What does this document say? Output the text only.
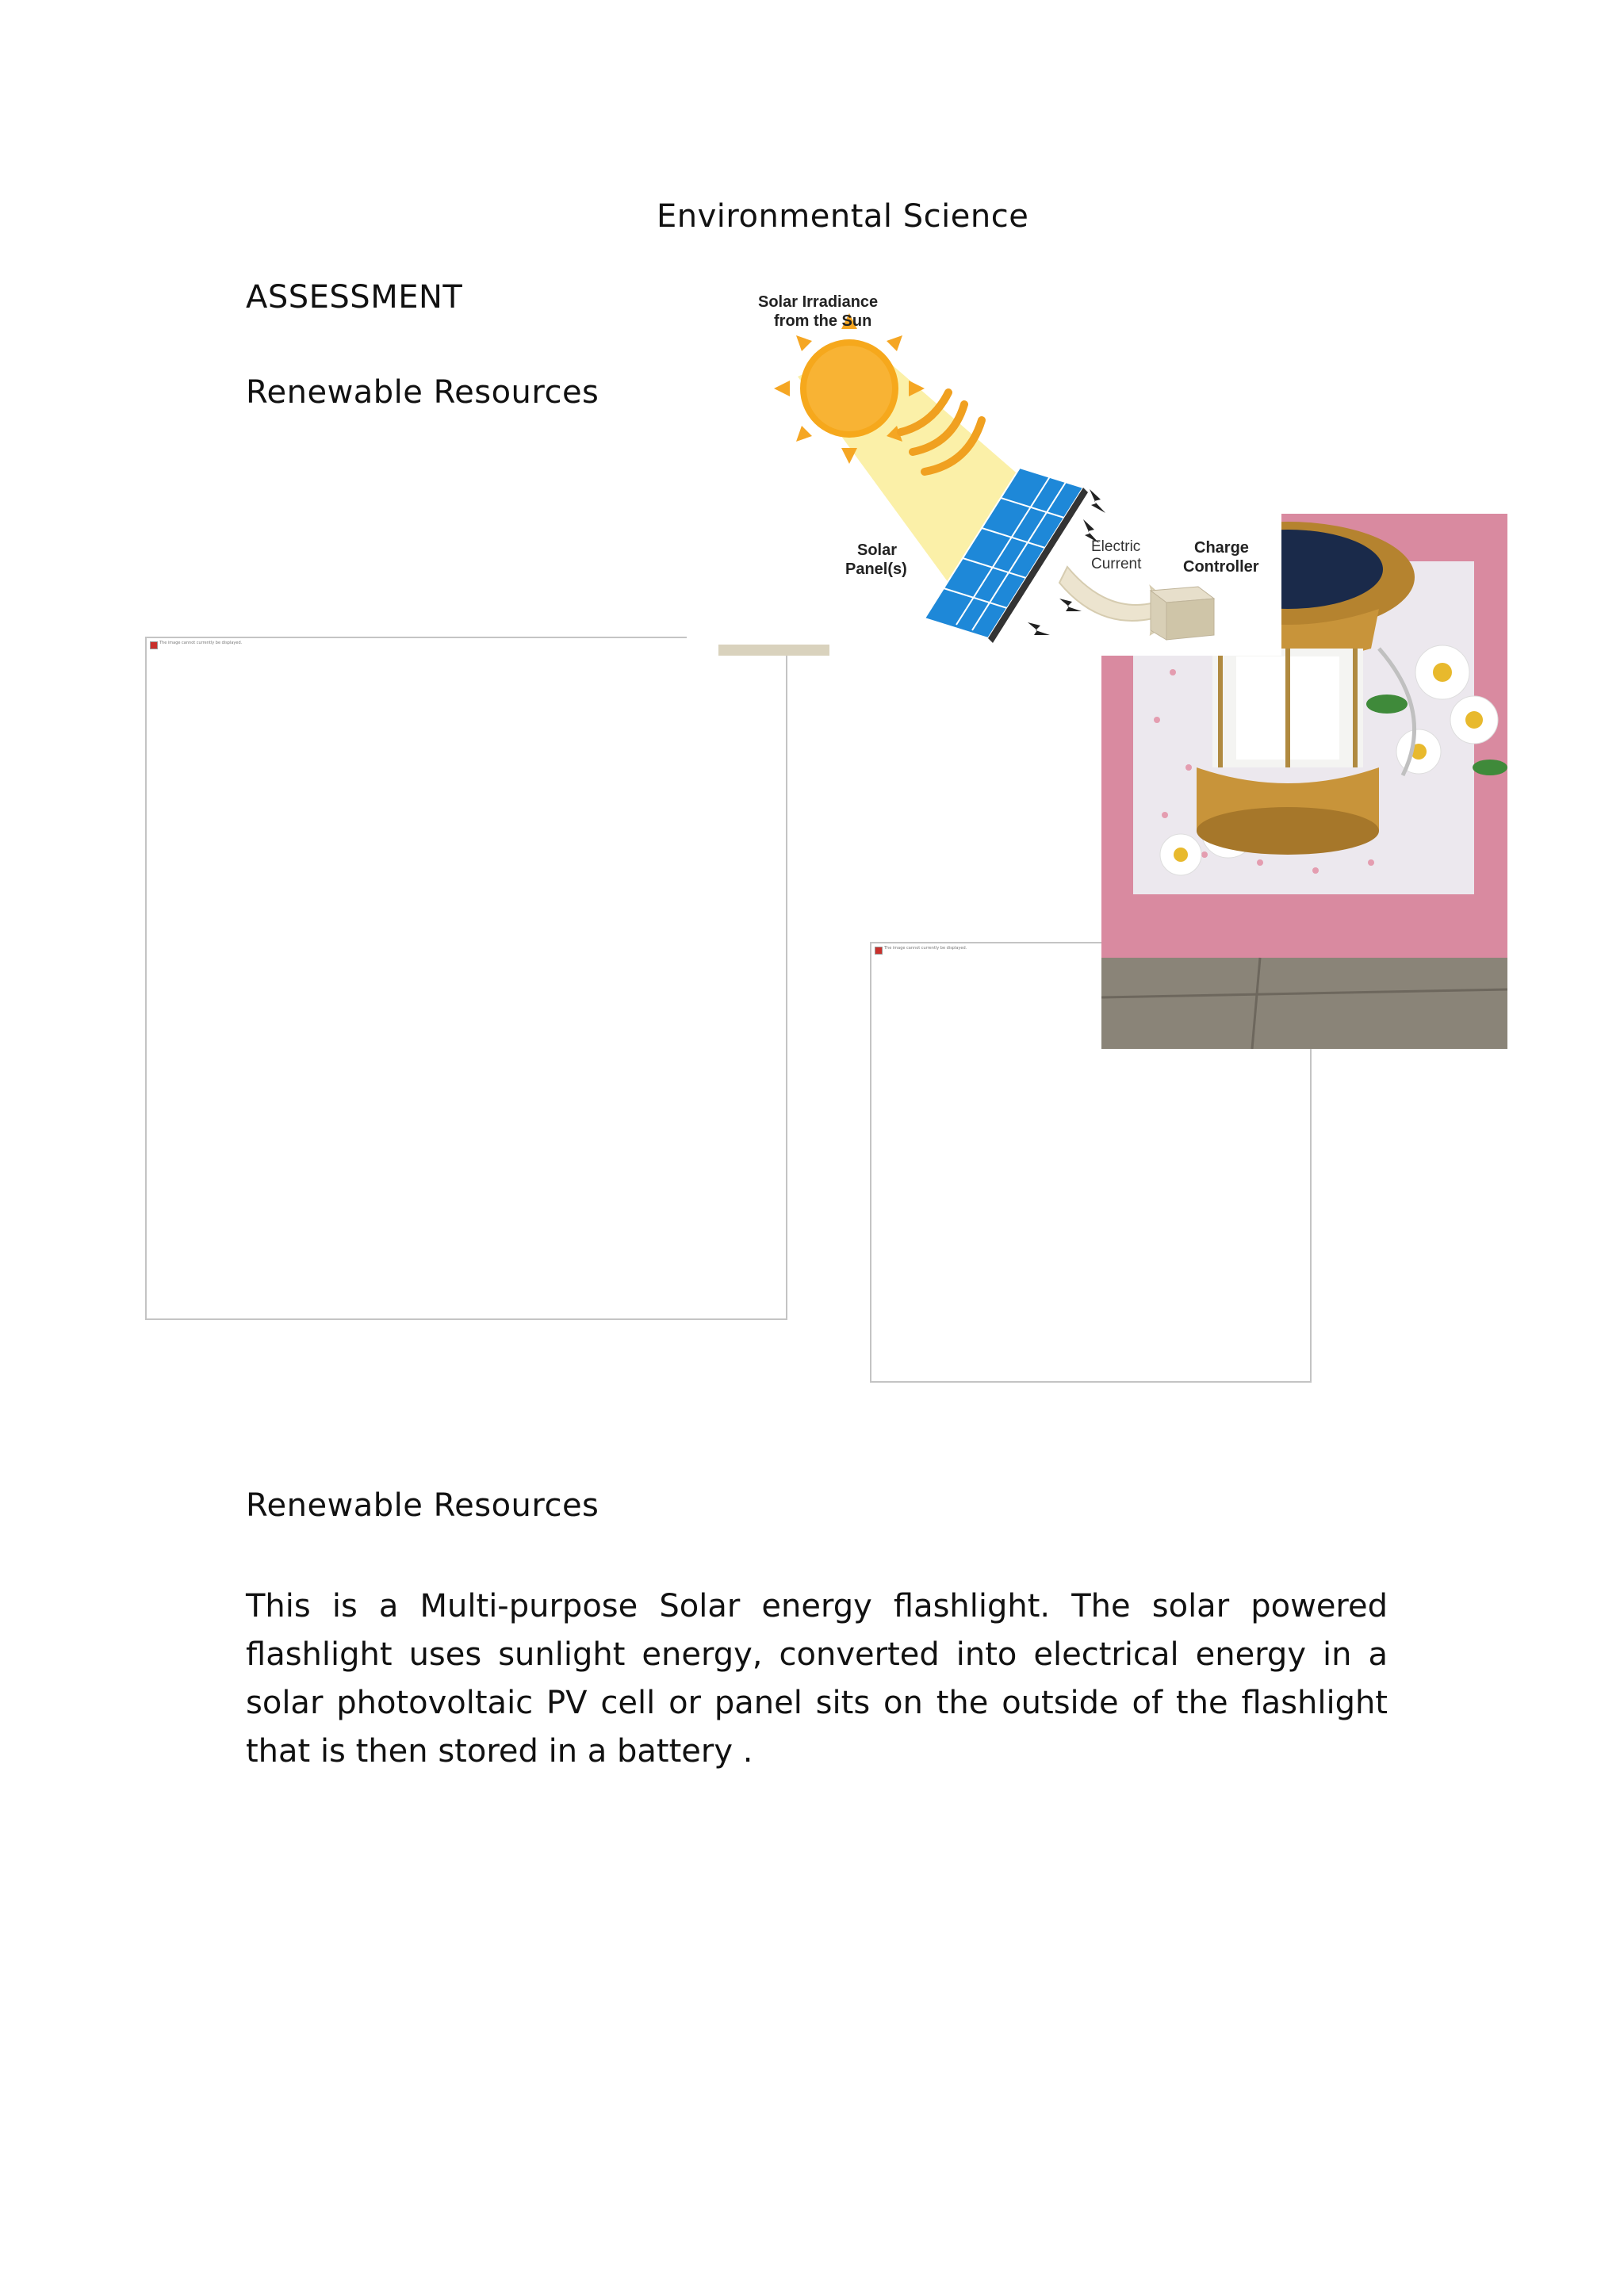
Environmental Science
ASSESSMENT
Renewable Resources
The image cannot currently be displayed.
The image cannot currently be displayed.
Solar Irradiance
from the Sun
Solar
Panel(s)
Electric
Current
Charge
Controller
Renewable Resources
This is a Multi-purpose Solar energy flashlight. The solar powered flashlight uses sunlight energy, converted into electrical energy in a solar photovoltaic PV cell or panel sits on the outside of the flashlight that is then stored in a battery .
